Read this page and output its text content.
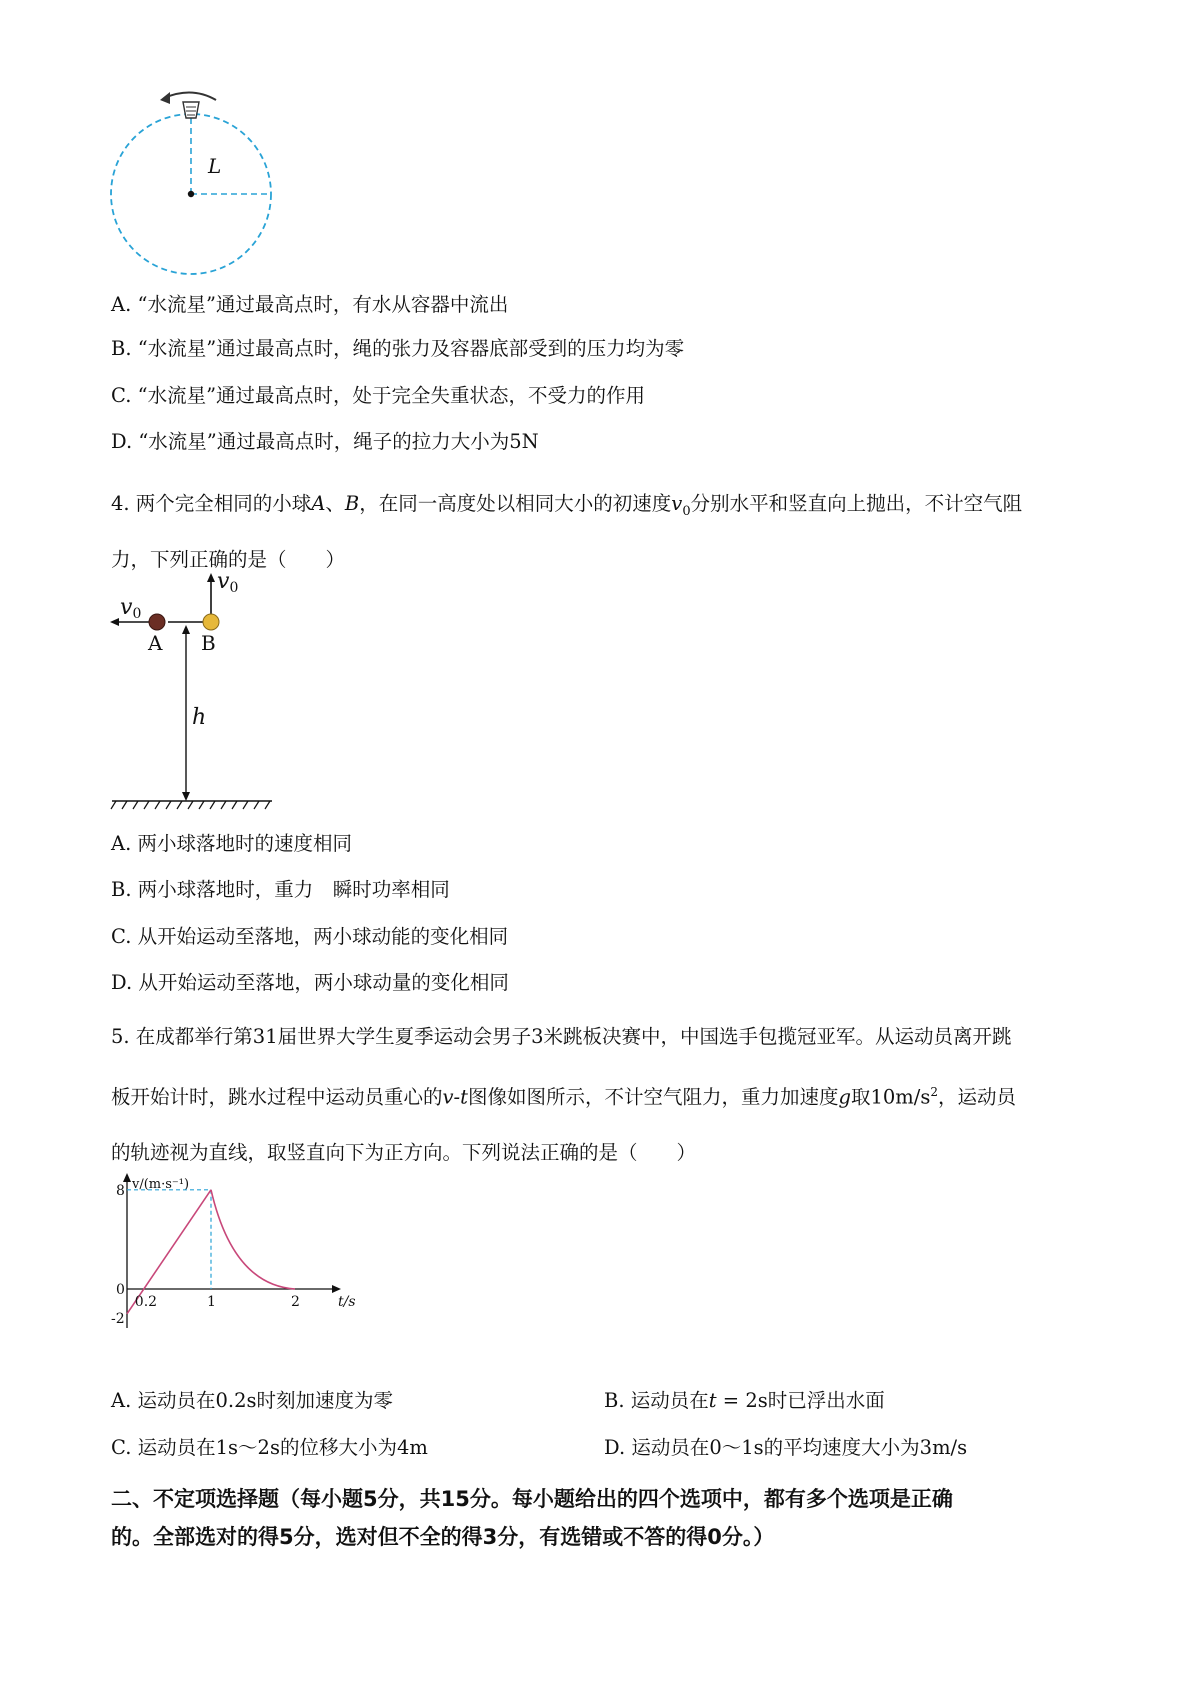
L
A. “水流星”通过最高点时，有水从容器中流出
B. “水流星”通过最高点时，绳的张力及容器底部受到的压力均为零
C. “水流星”通过最高点时，处于完全失重状态，不受力的作用
D. “水流星”通过最高点时，绳子的拉力大小为5N

4. 两个完全相同的小球A、B，在同一高度处以相同大小的初速度$v_0$分别水平和竖直向上抛出，不计空气阻

力，下列正确的是（　　）

v0
A
v0
B
h
A. 两小球落地时的速度相同
B. 两小球落地时，重力　瞬时功率相同
C. 从开始运动至落地，两小球动能的变化相同
D. 从开始运动至落地，两小球动量的变化相同

5. 在成都举行第31届世界大学生夏季运动会男子3米跳板决赛中，中国选手包揽冠亚军。从运动员离开跳

板开始计时，跳水过程中运动员重心的v-t图像如图所示，不计空气阻力，重力加速度g取$10m/s^2$，运动员

的轨迹视为直线，取竖直向下为正方向。下列说法正确的是（　　）

v/(m·s⁻¹)
t/s
0.2	1	2
8
0
-2
A. 运动员在0.2s时刻加速度为零	B. 运动员在t = 2s时已浮出水面
C. 运动员在1s～2s的位移大小为4m	D. 运动员在0～1s的平均速度大小为3m/s
二、不定项选择题（每小题5分，共15分。每小题给出的四个选项中，都有多个选项是正确
的。全部选对的得5分，选对但不全的得3分，有选错或不答的得0分。）
